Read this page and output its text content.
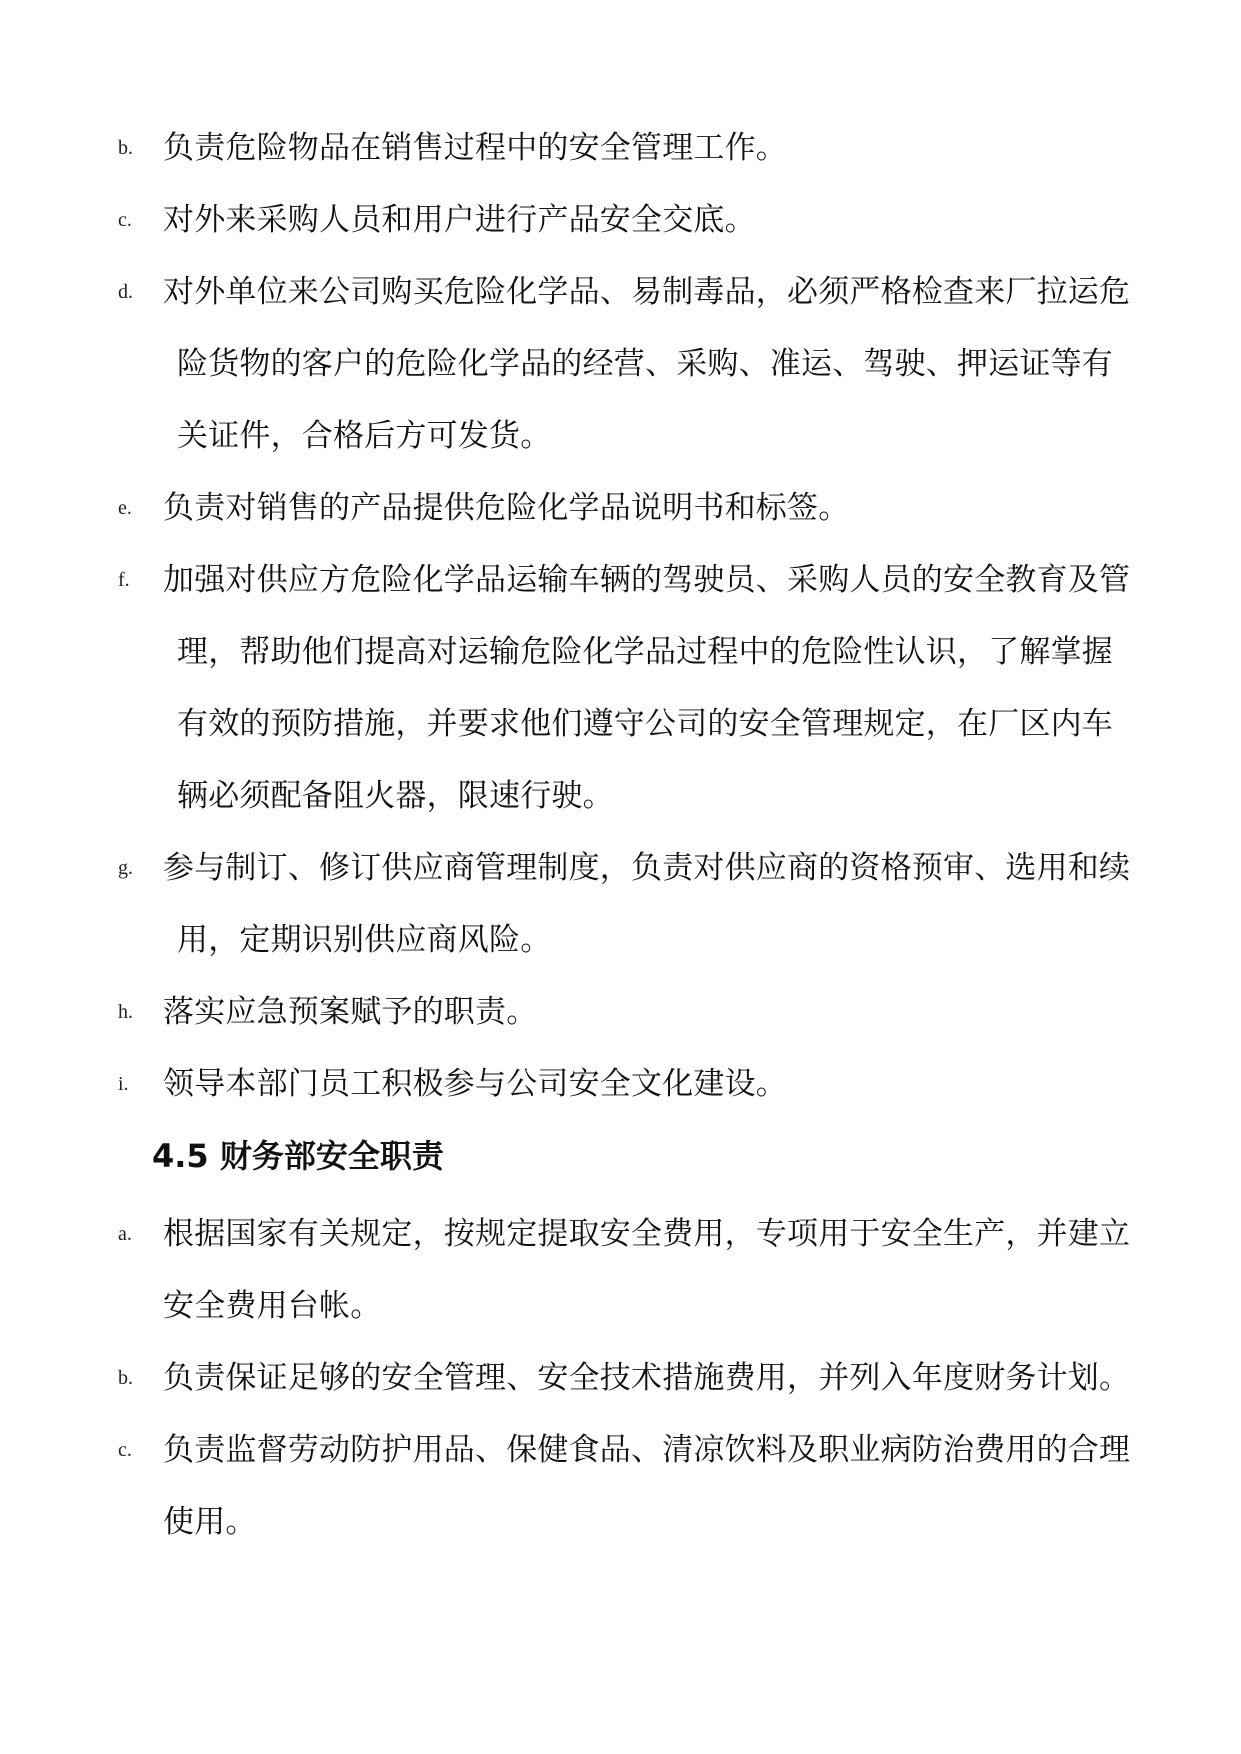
b. 负责危险物品在销售过程中的安全管理工作。
c.	对外来采购人员和用户进行产品安全交底。
d. 对外单位来公司购买危险化学品、易制毒品，必须严格检查来厂拉运危险货物的客户的危险化学品的经营、采购、准运、驾驶、押运证等有关证件，合格后方可发货。
e.	负责对销售的产品提供危险化学品说明书和标签。
f.	加强对供应方危险化学品运输车辆的驾驶员、采购人员的安全教育及管理，帮助他们提高对运输危险化学品过程中的危险性认识，了解掌握有效的预防措施，并要求他们遵守公司的安全管理规定，在厂区内车辆必须配备阻火器，限速行驶。
g. 参与制订、修订供应商管理制度，负责对供应商的资格预审、选用和续用，定期识别供应商风险。
h. 落实应急预案赋予的职责。
i.	领导本部门员工积极参与公司安全文化建设。
4.5 财务部安全职责
a.	根据国家有关规定，按规定提取安全费用，专项用于安全生产，并建立安全费用台帐。
b. 负责保证足够的安全管理、安全技术措施费用，并列入年度财务计划。
c.	负责监督劳动防护用品、保健食品、清凉饮料及职业病防治费用的合理使用。
